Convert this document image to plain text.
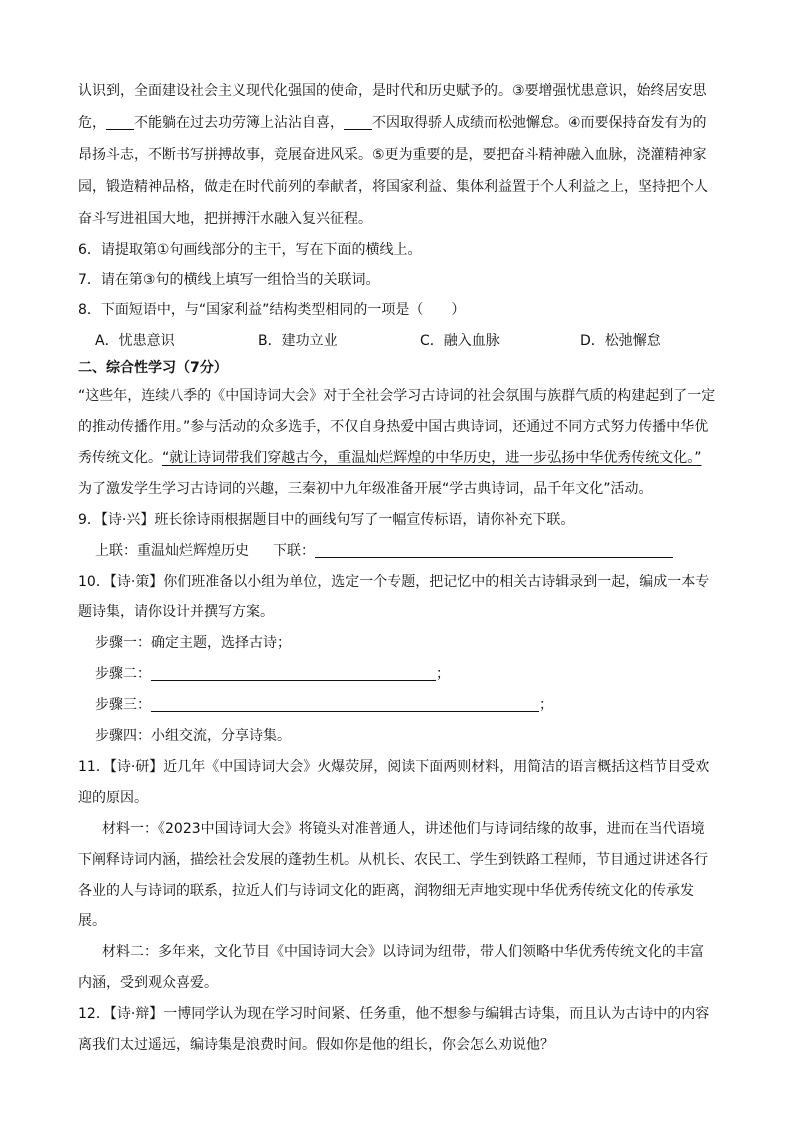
认识到，全面建设社会主义现代化强国的使命，是时代和历史赋予的。③要增强忧患意识，始终居安思
危， 不能躺在过去功劳簿上沾沾自喜， 不因取得骄人成绩而松弛懈怠。④而要保持奋发有为的
昂扬斗志，不断书写拼搏故事，竞展奋进风采。⑤更为重要的是，要把奋斗精神融入血脉，浇灌精神家
园，锻造精神品格，做走在时代前列的奉献者，将国家利益、集体利益置于个人利益之上，坚持把个人
奋斗写进祖国大地，把拼搏汗水融入复兴征程。
6．请提取第①句画线部分的主干，写在下面的横线上。
7．请在第③句的横线上填写一组恰当的关联词。
8．下面短语中，与“国家利益”结构类型相同的一项是（　　）
A．忧患意识	B．建功立业	C．融入血脉	D．松弛懈怠
二、综合性学习（7分）
“这些年，连续八季的《中国诗词大会》对于全社会学习古诗词的社会氛围与族群气质的构建起到了一定
的推动传播作用。”参与活动的众多选手，不仅自身热爱中国古典诗词，还通过不同方式努力传播中华优
秀传统文化。“就让诗词带我们穿越古今，重温灿烂辉煌的中华历史，进一步弘扬中华优秀传统文化。”
为了激发学生学习古诗词的兴趣，三秦初中九年级准备开展“学古典诗词，品千年文化”活动。
9．【诗·兴】班长徐诗雨根据题目中的画线句写了一幅宣传标语，请你补充下联。
上联：重温灿烂辉煌历史 下联：
10．【诗·策】你们班准备以小组为单位，选定一个专题，把记忆中的相关古诗辑录到一起，编成一本专
题诗集，请你设计并撰写方案。
步骤一：确定主题，选择古诗；
步骤二：	；
步骤三：	；
步骤四：小组交流，分享诗集。
11．【诗·研】近几年《中国诗词大会》火爆荧屏，阅读下面两则材料，用简洁的语言概括这档节目受欢
迎的原因。
材料一：《2023中国诗词大会》将镜头对准普通人，讲述他们与诗词结缘的故事，进而在当代语境
下阐释诗词内涵，描绘社会发展的蓬勃生机。从机长、农民工、学生到铁路工程师，节目通过讲述各行
各业的人与诗词的联系，拉近人们与诗词文化的距离，润物细无声地实现中华优秀传统文化的传承发
展。
材料二：多年来，文化节目《中国诗词大会》以诗词为纽带，带人们领略中华优秀传统文化的丰富
内涵，受到观众喜爱。
12．【诗·辩】一博同学认为现在学习时间紧、任务重，他不想参与编辑古诗集，而且认为古诗中的内容
离我们太过遥远，编诗集是浪费时间。假如你是他的组长，你会怎么劝说他？
